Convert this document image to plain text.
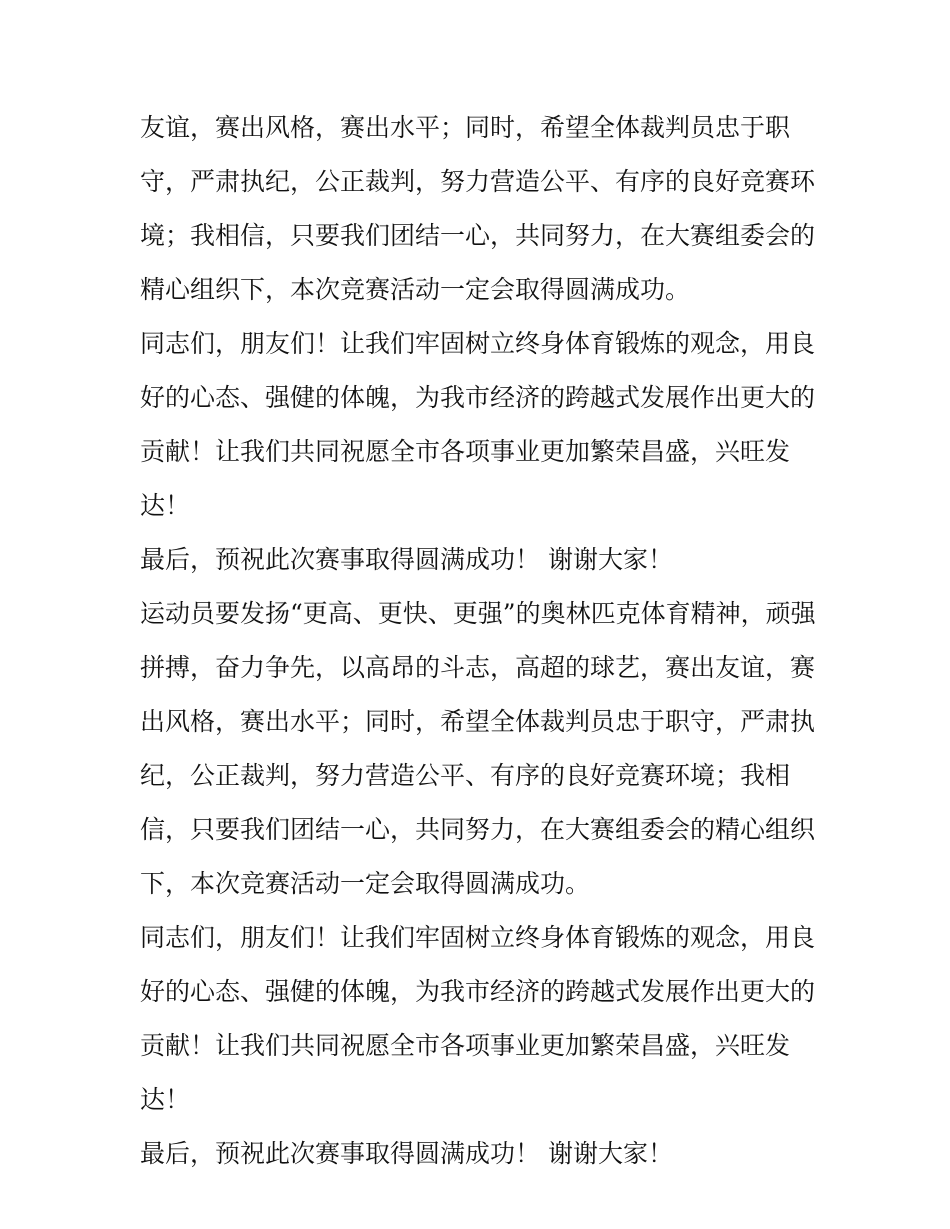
友谊，赛出风格，赛出水平；同时，希望全体裁判员忠于职
守，严肃执纪，公正裁判，努力营造公平、有序的良好竞赛环
境；我相信，只要我们团结一心，共同努力，在大赛组委会的
精心组织下，本次竞赛活动一定会取得圆满成功。
同志们，朋友们！让我们牢固树立终身体育锻炼的观念，用良
好的心态、强健的体魄，为我市经济的跨越式发展作出更大的
贡献！让我们共同祝愿全市各项事业更加繁荣昌盛，兴旺发
达！
最后，预祝此次赛事取得圆满成功！ 谢谢大家！
运动员要发扬“更高、更快、更强”的奥林匹克体育精神，顽强
拼搏，奋力争先，以高昂的斗志，高超的球艺，赛出友谊，赛
出风格，赛出水平；同时，希望全体裁判员忠于职守，严肃执
纪，公正裁判，努力营造公平、有序的良好竞赛环境；我相
信，只要我们团结一心，共同努力，在大赛组委会的精心组织
下，本次竞赛活动一定会取得圆满成功。
同志们，朋友们！让我们牢固树立终身体育锻炼的观念，用良
好的心态、强健的体魄，为我市经济的跨越式发展作出更大的
贡献！让我们共同祝愿全市各项事业更加繁荣昌盛，兴旺发
达！
最后，预祝此次赛事取得圆满成功！ 谢谢大家！
